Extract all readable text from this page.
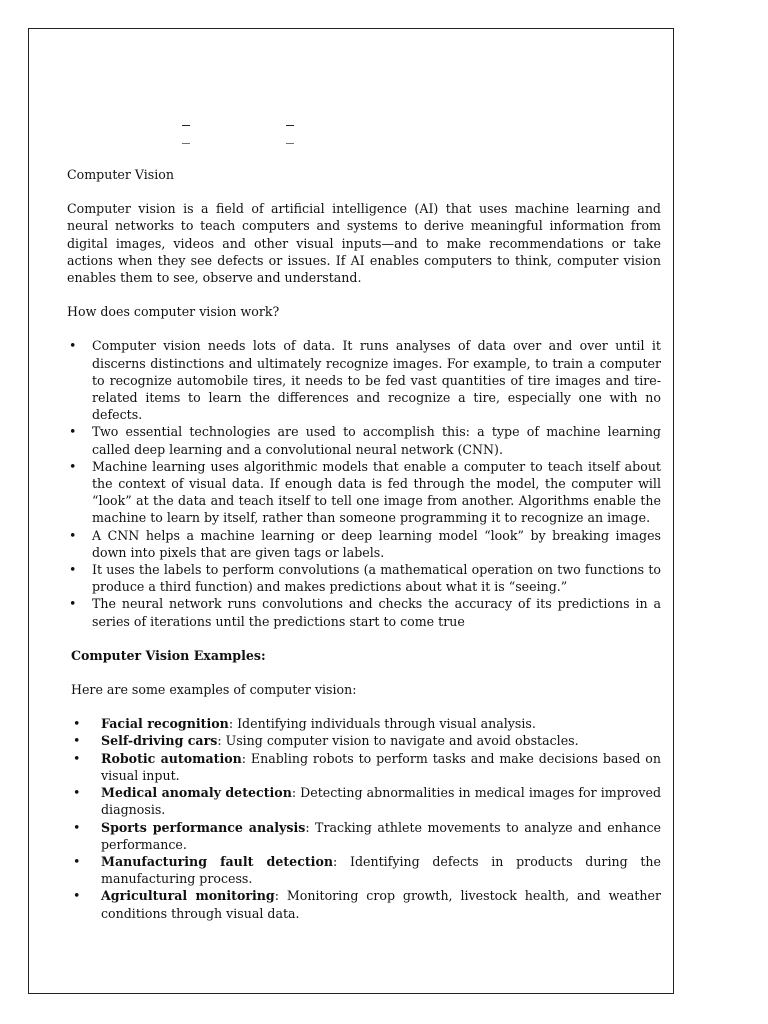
_	_

Computer Vision

Computer vision is a field of artificial intelligence (AI) that uses machine learning and neural networks to teach computers and systems to derive meaningful information from digital images, videos and other visual inputs—and to make recommendations or take actions when they see defects or issues. If AI enables computers to think, computer vision enables them to see, observe and understand.

How does computer vision work?

• Computer vision needs lots of data. It runs analyses of data over and over until it discerns distinctions and ultimately recognize images. For example, to train a computer to recognize automobile tires, it needs to be fed vast quantities of tire images and tire-related items to learn the differences and recognize a tire, especially one with no defects.
• Two essential technologies are used to accomplish this: a type of machine learning called deep learning and a convolutional neural network (CNN).
• Machine learning uses algorithmic models that enable a computer to teach itself about the context of visual data. If enough data is fed through the model, the computer will “look” at the data and teach itself to tell one image from another. Algorithms enable the machine to learn by itself, rather than someone programming it to recognize an image.
• A CNN helps a machine learning or deep learning model “look” by breaking images down into pixels that are given tags or labels.
• It uses the labels to perform convolutions (a mathematical operation on two functions to produce a third function) and makes predictions about what it is “seeing.”
• The neural network runs convolutions and checks the accuracy of its predictions in a series of iterations until the predictions start to come true

Computer Vision Examples:

Here are some examples of computer vision:

• Facial recognition: Identifying individuals through visual analysis.
• Self-driving cars: Using computer vision to navigate and avoid obstacles.
• Robotic automation: Enabling robots to perform tasks and make decisions based on visual input.
• Medical anomaly detection: Detecting abnormalities in medical images for improved diagnosis.
• Sports performance analysis: Tracking athlete movements to analyze and enhance performance.
• Manufacturing fault detection: Identifying defects in products during the manufacturing process.
• Agricultural monitoring: Monitoring crop growth, livestock health, and weather conditions through visual data.
